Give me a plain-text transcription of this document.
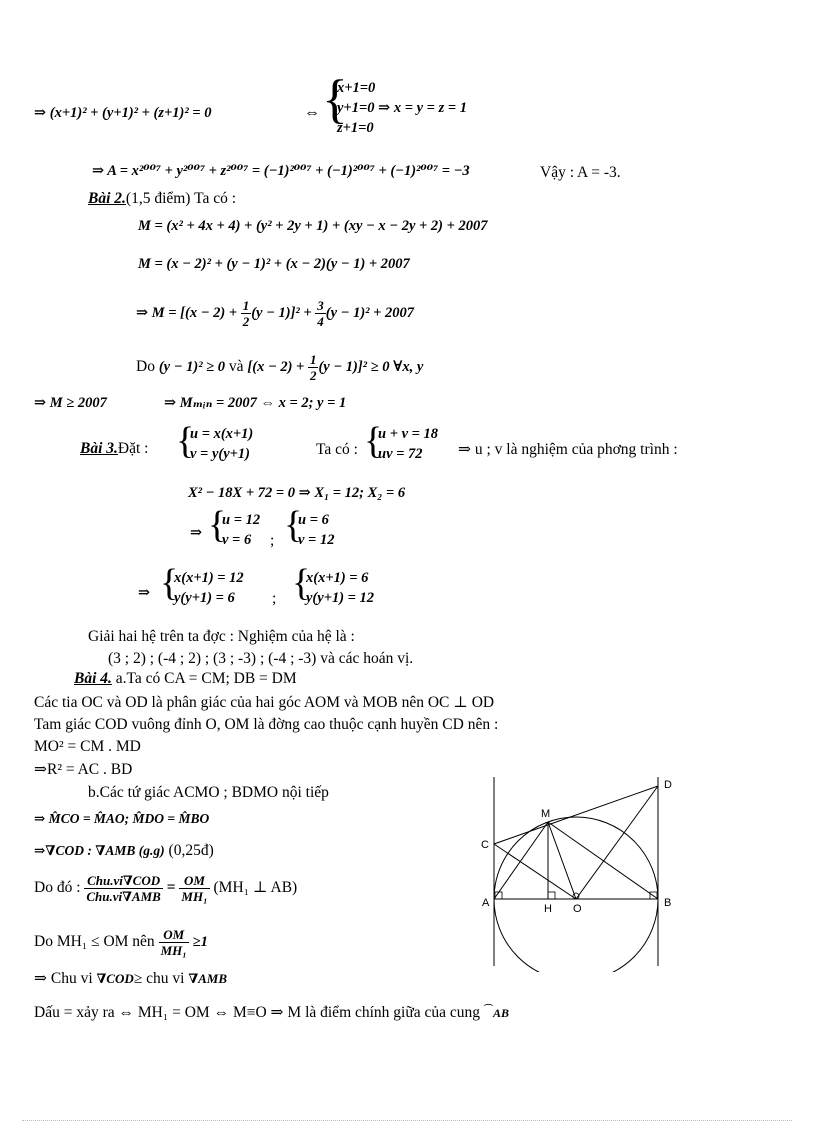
⇒ (x+1)² + (y+1)² + (z+1)² = 0	⇔ {
x+1=0
y+1=0 ⇒ x = y = z = 1
z+1=0
⇒ A = x²⁰⁰⁷ + y²⁰⁰⁷ + z²⁰⁰⁷ = (−1)²⁰⁰⁷ + (−1)²⁰⁰⁷ + (−1)²⁰⁰⁷ = −3	Vậy : A = -3.
Bài 2.(1,5 điểm) Ta có :
M = (x² + 4x + 4) + (y² + 2y + 1) + (xy − x − 2y + 2) + 2007
M = (x − 2)² + (y − 1)² + (x − 2)(y − 1) + 2007
⇒ $M = [(x - 2) + \frac{1}{2} (y - 1)]^2 + \frac{3}{4} (y - 1)^2 + 2007$
Do (y − 1)² ≥ 0 và $[(x - 2) + \frac{1}{2} (y - 1)]^2 \ge 0$ ∀x, y
⇒ M ≥ 2007	⇒ Mₘᵢₙ = 2007 ⇔ x = 2; y = 1
Bài 3.Đặt : {
u = x(x+1)
v = y(y+1)	Ta có : {
u + v = 18
uv = 72	⇒ u ; v là nghiệm của phơng trình :
X² − 18X + 72 = 0 ⇒ X₁ = 12; X₂ = 6
⇒ {
u = 12
v = 6	; {
u = 6
v = 12
⇒ {
x(x+1) = 12
y(y+1) = 6	; {
x(x+1) = 6
y(y+1) = 12
Giải hai hệ trên ta đợc : Nghiệm của hệ là :
(3 ; 2) ; (-4 ; 2) ; (3 ; -3) ; (-4 ; -3) và các hoán vị.
Bài 4. a.Ta có CA = CM; DB = DM
Các tia OC và OD là phân giác của hai góc AOM và MOB nên OC ⊥ OD
Tam giác COD vuông đỉnh O, OM là đờng cao thuộc cạnh huyền CD nên :
MO² = CM . MD
⇒R² = AC . BD
b.Các tứ giác ACMO ; BDMO nội tiếp
⇒ M̂CO = M̂AO; M̂DO = M̂BO
⇒∇COD : ∇AMB (g.g) (0,25đ)
Do đó : $\frac{\text{Chu.vi∇COD}}{\text{Chu.vi∇AMB}} = \frac{OM}{\text{MH₁}} (MH_1$ ⊥ AB)
Do MH₁ ≤ OM nên $\frac{OM}{\text{MH₁}} \ge 1$
⇒ Chu vi ∇COD≥ chu vi ∇AMB
Dấu = xảy ra ⇔ MH₁ = OM ⇔ M≡O ⇒ M là điểm chính giữa của cung ⌒AB
C
D
M
A	B
H O
